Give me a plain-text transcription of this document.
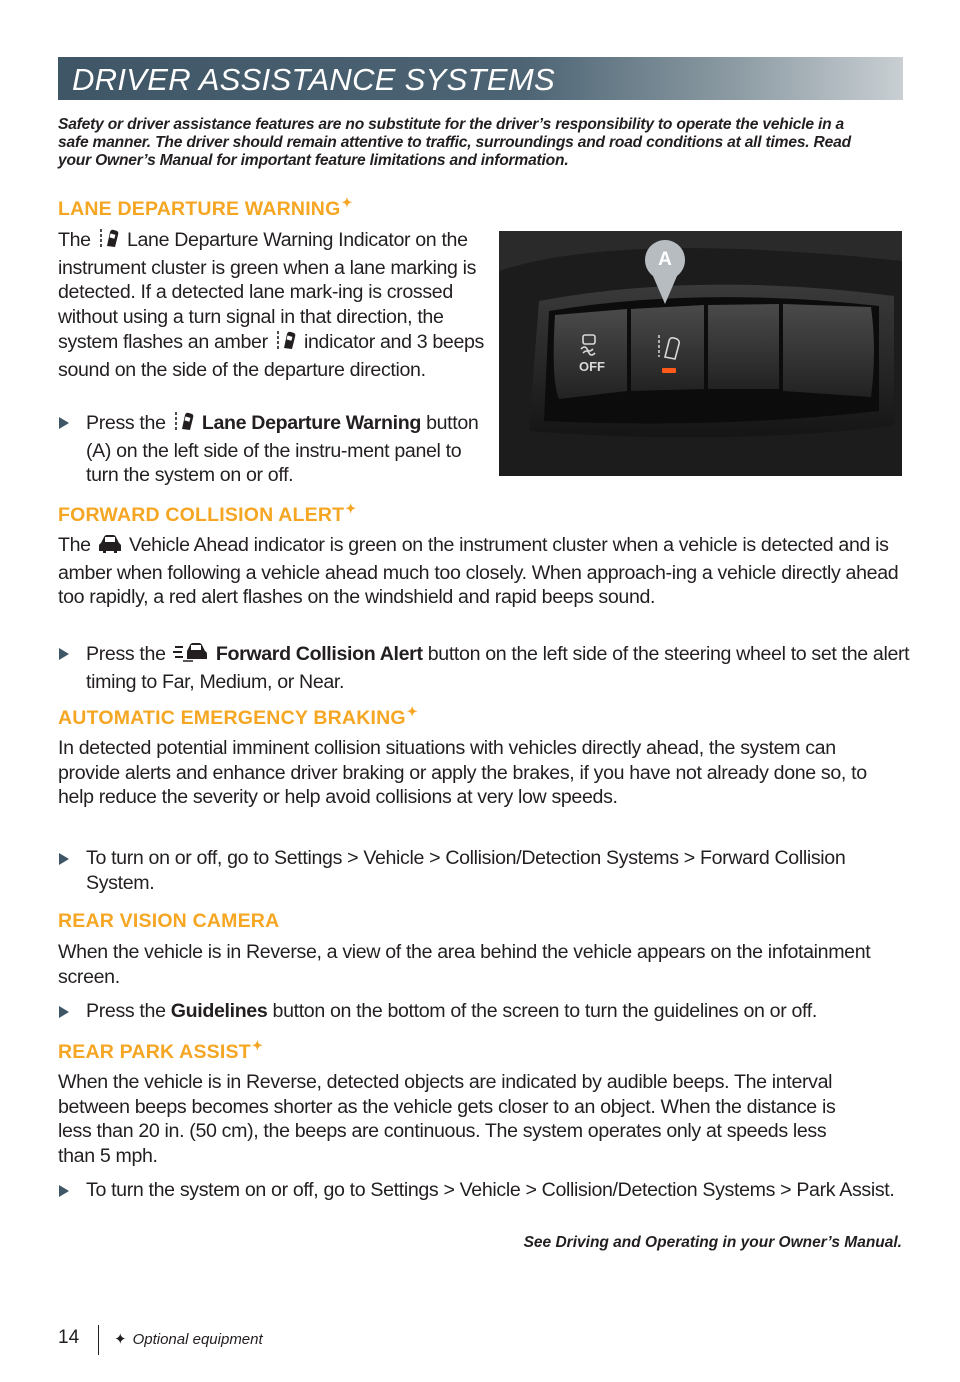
DRIVER ASSISTANCE SYSTEMS
Safety or driver assistance features are no substitute for the driver’s responsibility to operate the vehicle in a safe manner. The driver should remain attentive to traffic, surroundings and road conditions at all times. Read your Owner’s Manual for important feature limitations and information.
LANE DEPARTURE WARNING✦
The Lane Departure Warning Indicator on the instrument cluster is green when a lane marking is detected. If a detected lane mark-ing is crossed without using a turn signal in that direction, the system flashes an amber indicator and 3 beeps sound on the side of the departure direction.
Press the Lane Departure Warning button (A) on the left side of the instru-ment panel to turn the system on or off.
OFF
A
FORWARD COLLISION ALERT✦
The Vehicle Ahead indicator is green on the instrument cluster when a vehicle is detected and is amber when following a vehicle ahead much too closely. When approach-ing a vehicle directly ahead too rapidly, a red alert flashes on the windshield and rapid beeps sound.
Press the	Forward Collision Alert button on the left side of the steering wheel to set the alert timing to Far, Medium, or Near.
AUTOMATIC EMERGENCY BRAKING✦
In detected potential imminent collision situations with vehicles directly ahead, the system can provide alerts and enhance driver braking or apply the brakes, if you have not already done so, to help reduce the severity or help avoid collisions at very low speeds.
To turn on or off, go to Settings > Vehicle > Collision/Detection Systems > Forward Collision System.
REAR VISION CAMERA
When the vehicle is in Reverse, a view of the area behind the vehicle appears on the infotainment screen.
Press the Guidelines button on the bottom of the screen to turn the guidelines on or off.
REAR PARK ASSIST✦
When the vehicle is in Reverse, detected objects are indicated by audible beeps. The interval between beeps becomes shorter as the vehicle gets closer to an object. When the distance is less than 20 in. (50 cm), the beeps are continuous. The system operates only at speeds less than 5 mph.
To turn the system on or off, go to Settings > Vehicle > Collision/Detection Systems > Park Assist.
See Driving and Operating in your Owner’s Manual.
14 ✦ Optional equipment
